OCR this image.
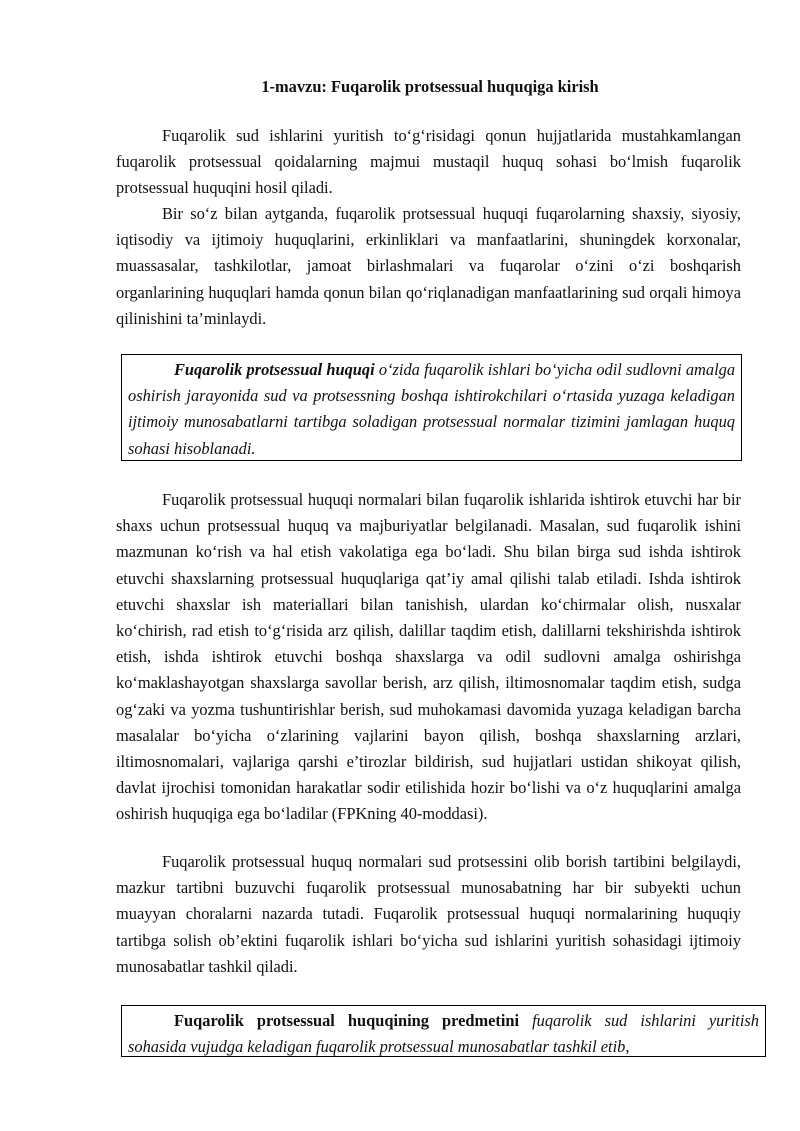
1-mavzu: Fuqarolik protsessual huquqiga kirish

Fuqarolik sud ishlarini yuritish to‘g‘risidagi qonun hujjatlarida mustahkamlangan fuqarolik protsessual qoidalarning majmui mustaqil huquq sohasi bo‘lmish fuqarolik protsessual huquqini hosil qiladi.

Bir so‘z bilan aytganda, fuqarolik protsessual huquqi fuqarolarning shaxsiy, siyosiy, iqtisodiy va ijtimoiy huquqlarini, erkinliklari va manfaatlarini, shuningdek korxonalar, muassasalar, tashkilotlar, jamoat birlashmalari va fuqarolar o‘zini o‘zi boshqarish organlarining huquqlari hamda qonun bilan qo‘riqlanadigan manfaatlarining sud orqali himoya qilinishini ta’minlaydi.

Fuqarolik protsessual huquqi o‘zida fuqarolik ishlari bo‘yicha odil sudlovni amalga oshirish jarayonida sud va protsessning boshqa ishtirokchilari o‘rtasida yuzaga keladigan ijtimoiy munosabatlarni tartibga soladigan protsessual normalar tizimini jamlagan huquq sohasi hisoblanadi.

Fuqarolik protsessual huquqi normalari bilan fuqarolik ishlarida ishtirok etuvchi har bir shaxs uchun protsessual huquq va majburiyatlar belgilanadi. Masalan, sud fuqarolik ishini mazmunan ko‘rish va hal etish vakolatiga ega bo‘ladi. Shu bilan birga sud ishda ishtirok etuvchi shaxslarning protsessual huquqlariga qat’iy amal qilishi talab etiladi. Ishda ishtirok etuvchi shaxslar ish materiallari bilan tanishish, ulardan ko‘chirmalar olish, nusxalar ko‘chirish, rad etish to‘g‘risida arz qilish, dalillar taqdim etish, dalillarni tekshirishda ishtirok etish, ishda ishtirok etuvchi boshqa shaxslarga va odil sudlovni amalga oshirishga ko‘maklashayotgan shaxslarga savollar berish, arz qilish, iltimosnomalar taqdim etish, sudga og‘zaki va yozma tushuntirishlar berish, sud muhokamasi davomida yuzaga keladigan barcha masalalar bo‘yicha o‘zlarining vajlarini bayon qilish, boshqa shaxslarning arzlari, iltimosnomalari, vajlariga qarshi e’tirozlar bildirish, sud hujjatlari ustidan shikoyat qilish, davlat ijrochisi tomonidan harakatlar sodir etilishida hozir bo‘lishi va o‘z huquqlarini amalga oshirish huquqiga ega bo‘ladilar (FPKning 40-moddasi).

Fuqarolik protsessual huquq normalari sud protsessini olib borish tartibini belgilaydi, mazkur tartibni buzuvchi fuqarolik protsessual munosabatning har bir subyekti uchun muayyan choralarni nazarda tutadi. Fuqarolik protsessual huquqi normalarining huquqiy tartibga solish ob’ektini fuqarolik ishlari bo‘yicha sud ishlarini yuritish sohasidagi ijtimoiy munosabatlar tashkil qiladi.

Fuqarolik protsessual huquqining predmetini fuqarolik sud ishlarini yuritish sohasida vujudga keladigan fuqarolik protsessual munosabatlar tashkil etib,
